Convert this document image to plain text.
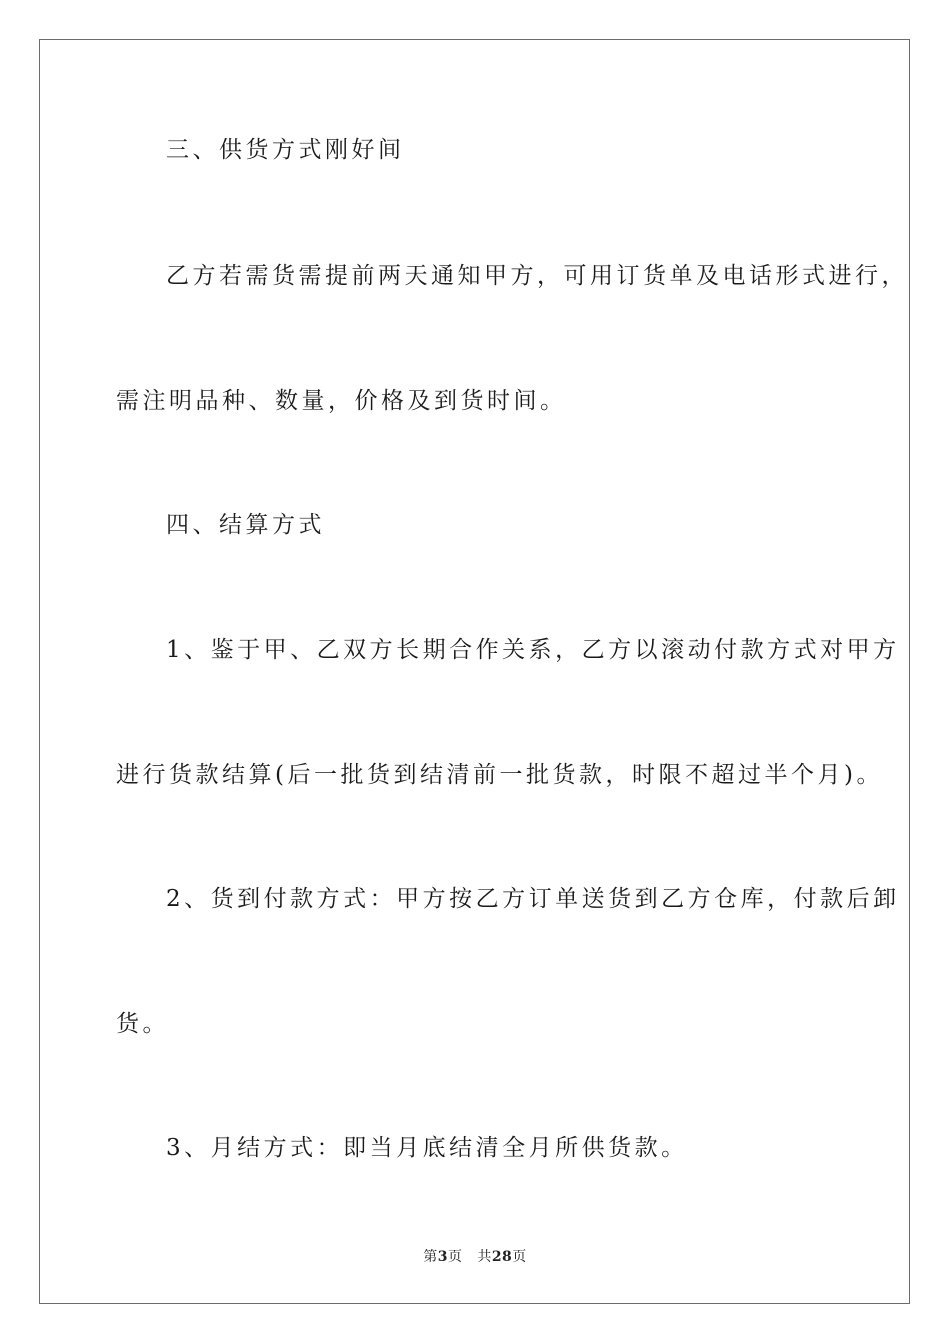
三、供货方式刚好间
乙方若需货需提前两天通知甲方，可用订货单及电话形式进行，
需注明品种、数量，价格及到货时间。
四、结算方式
1、鉴于甲、乙双方长期合作关系，乙方以滚动付款方式对甲方
进行货款结算(后一批货到结清前一批货款，时限不超过半个月)。
2、货到付款方式：甲方按乙方订单送货到乙方仓库，付款后卸
货。
3、月结方式：即当月底结清全月所供货款。
第3页 共28页
